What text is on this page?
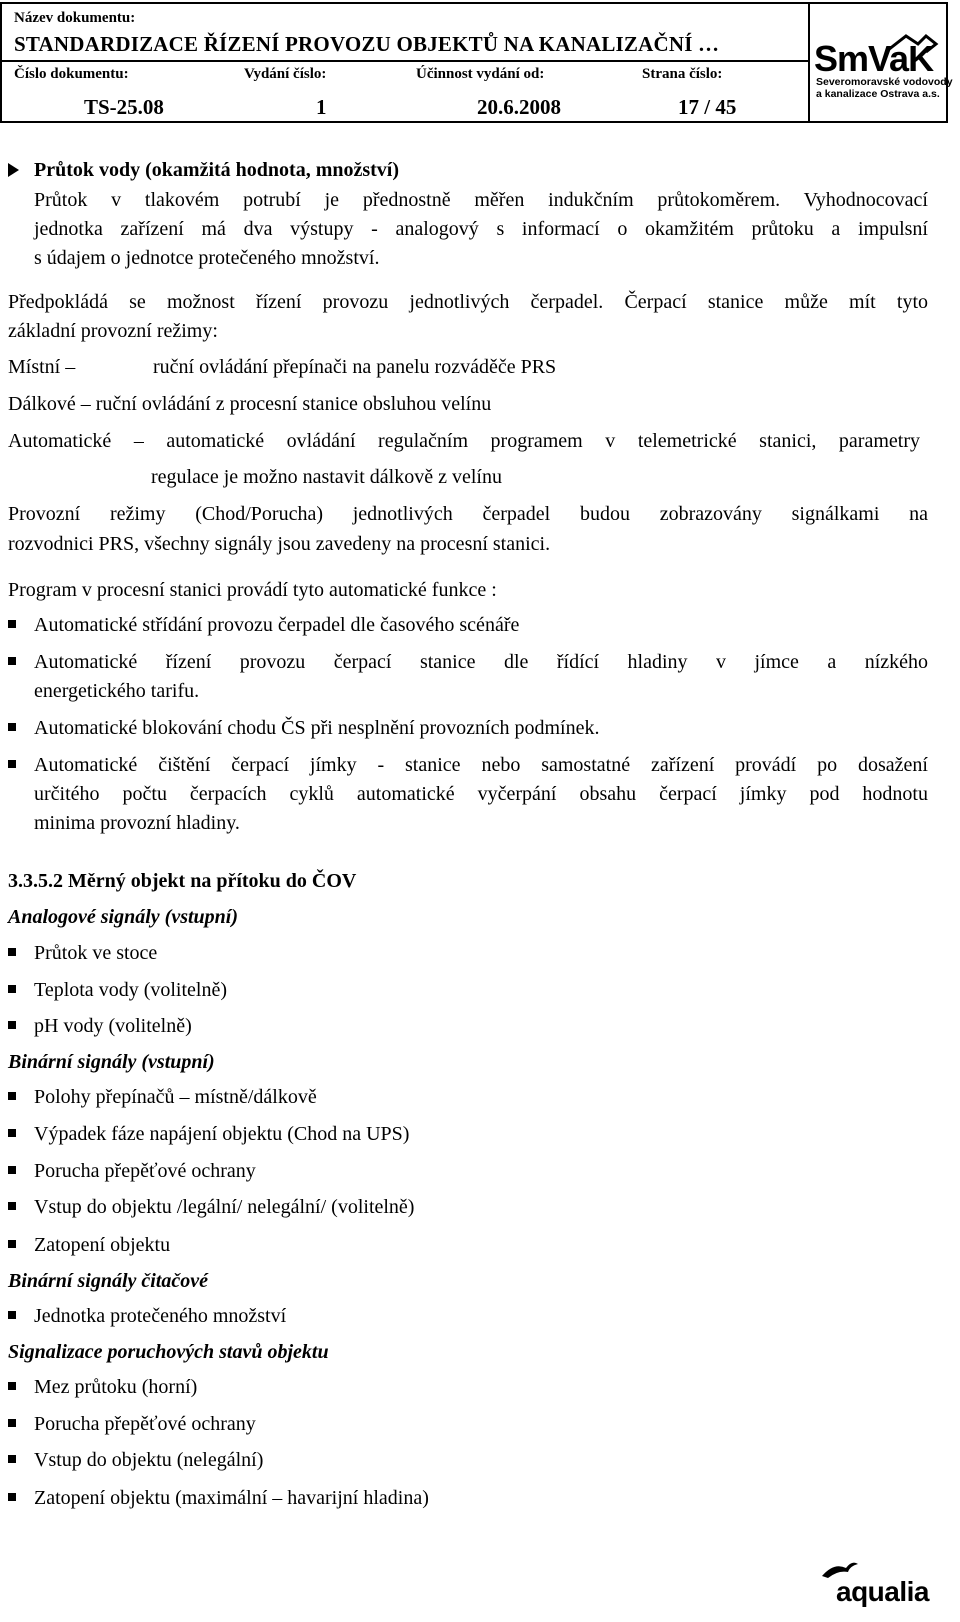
Název dokumentu:
STANDARDIZACE ŘÍZENÍ PROVOZU OBJEKTŮ NA KANALIZAČNÍ …
Číslo dokumentu:	Vydání číslo:	Účinnost vydání od:	Strana číslo:
TS-25.08	1	20.6.2008	17 / 45
SmVaK
Severomoravské vodovody
a kanalizace Ostrava a.s.
Průtok vody (okamžitá hodnota, množství)
Průtok v tlakovém potrubí je přednostně měřen indukčním průtokoměrem. Vyhodnocovací
jednotka zařízení má dva výstupy - analogový s informací o okamžitém průtoku a impulsní
s údajem o jednotce protečeného množství.
Předpokládá se možnost řízení provozu jednotlivých čerpadel. Čerpací stanice může mít tyto
základní provozní režimy:
Místní –	ruční ovládání přepínači na panelu rozváděče PRS
Dálkové – ruční ovládání z procesní stanice obsluhou velínu
Automatické – automatické ovládání regulačním programem v telemetrické stanici, parametry
regulace je možno nastavit dálkově z velínu
Provozní režimy (Chod/Porucha) jednotlivých čerpadel budou zobrazovány signálkami na
rozvodnici PRS, všechny signály jsou zavedeny na procesní stanici.
Program v procesní stanici provádí tyto automatické funkce :
Automatické střídání provozu čerpadel dle časového scénáře
Automatické řízení provozu čerpací stanice dle řídící hladiny v jímce a nízkého
energetického tarifu.
Automatické blokování chodu ČS při nesplnění provozních podmínek.
Automatické čištění čerpací jímky - stanice nebo samostatné zařízení provádí po dosažení
určitého počtu čerpacích cyklů automatické vyčerpání obsahu čerpací jímky pod hodnotu
minima provozní hladiny.
3.3.5.2 Měrný objekt na přítoku do ČOV
Analogové signály (vstupní)
Průtok ve stoce
Teplota vody (volitelně)
pH vody (volitelně)
Binární signály (vstupní)
Polohy přepínačů – místně/dálkově
Výpadek fáze napájení objektu (Chod na UPS)
Porucha přepěťové ochrany
Vstup do objektu /legální/ nelegální/ (volitelně)
Zatopení objektu
Binární signály čitačové
Jednotka protečeného množství
Signalizace poruchových stavů objektu
Mez průtoku (horní)
Porucha přepěťové ochrany
Vstup do objektu (nelegální)
Zatopení objektu (maximální – havarijní hladina)
aqualia
